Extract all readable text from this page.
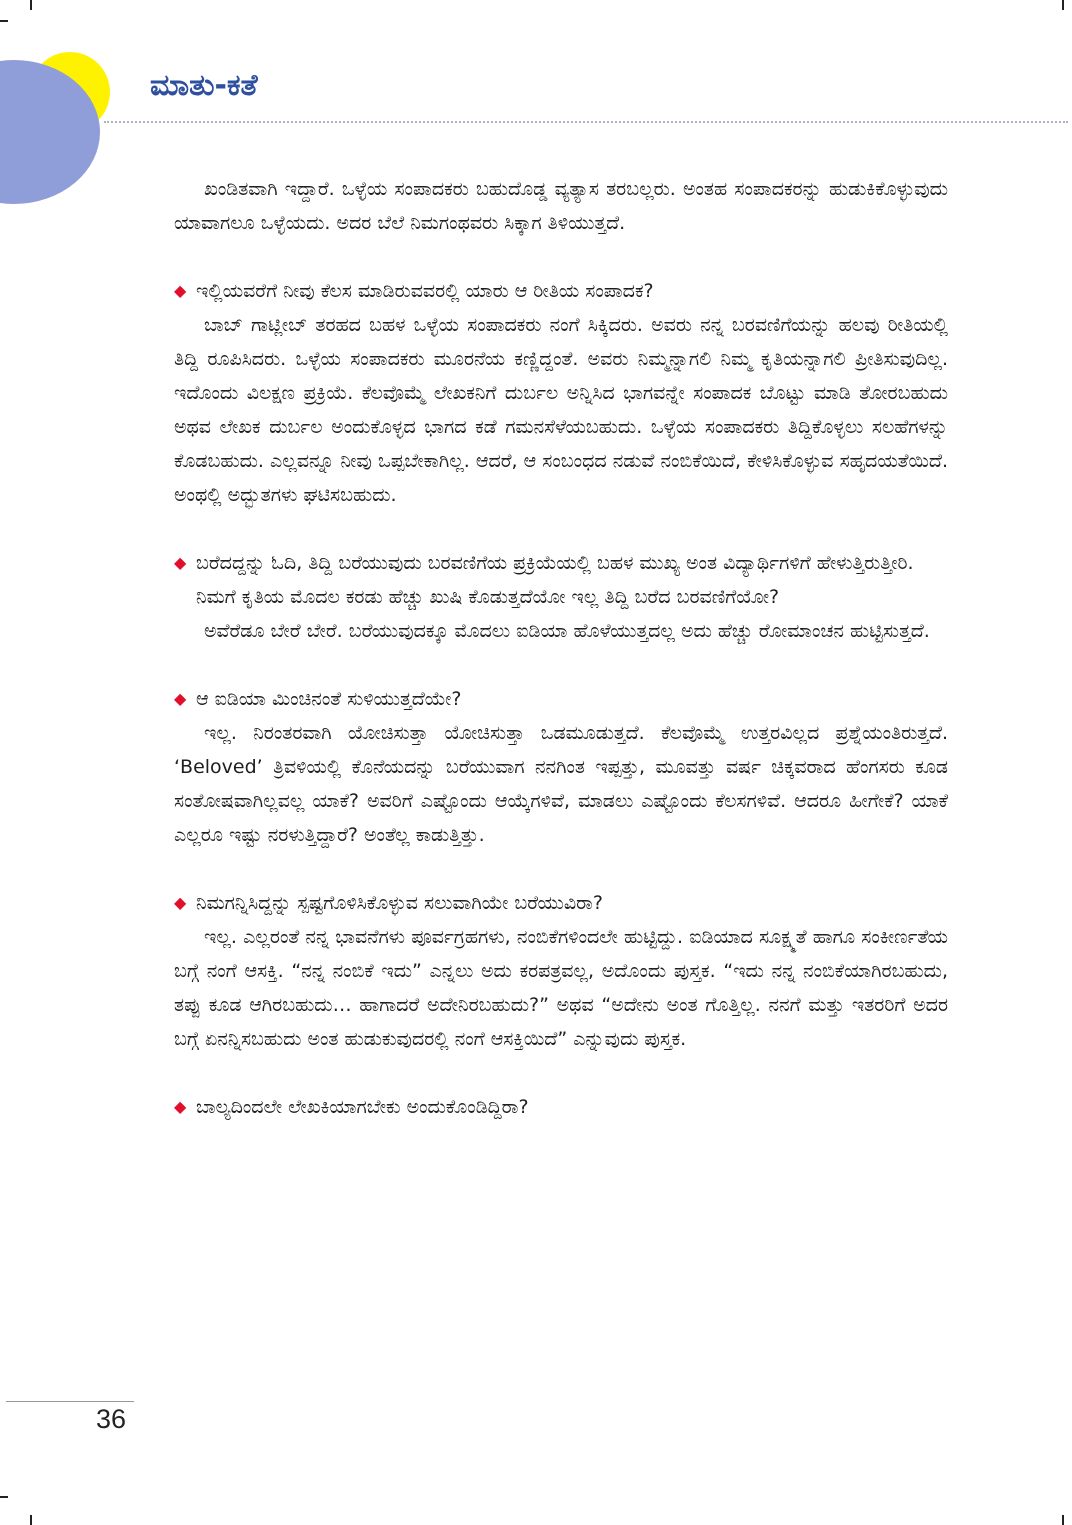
ಮಾತು-ಕತೆ

ಖಂಡಿತವಾಗಿ ಇದ್ದಾರೆ. ಒಳ್ಳೆಯ ಸಂಪಾದಕರು ಬಹುದೊಡ್ಡ ವ್ಯತ್ಯಾಸ ತರಬಲ್ಲರು. ಅಂತಹ ಸಂಪಾದಕರನ್ನು ಹುಡುಕಿಕೊಳ್ಳುವುದು ಯಾವಾಗಲೂ ಒಳ್ಳೆಯದು. ಅದರ ಬೆಲೆ ನಿಮಗಂಥವರು ಸಿಕ್ಕಾಗ ತಿಳಿಯುತ್ತದೆ.

◆ ಇಲ್ಲಿಯವರೆಗೆ ನೀವು ಕೆಲಸ ಮಾಡಿರುವವರಲ್ಲಿ ಯಾರು ಆ ರೀತಿಯ ಸಂಪಾದಕ?

ಬಾಬ್ ಗಾಟ್ಲೀಬ್ ತರಹದ ಬಹಳ ಒಳ್ಳೆಯ ಸಂಪಾದಕರು ನಂಗೆ ಸಿಕ್ಕಿದರು. ಅವರು ನನ್ನ ಬರವಣಿಗೆಯನ್ನು ಹಲವು ರೀತಿಯಲ್ಲಿ ತಿದ್ದಿ ರೂಪಿಸಿದರು. ಒಳ್ಳೆಯ ಸಂಪಾದಕರು ಮೂರನೆಯ ಕಣ್ಣಿದ್ದಂತೆ. ಅವರು ನಿಮ್ಮನ್ನಾಗಲಿ ನಿಮ್ಮ ಕೃತಿಯನ್ನಾಗಲಿ ಪ್ರೀತಿಸುವುದಿಲ್ಲ. ಇದೊಂದು ವಿಲಕ್ಷಣ ಪ್ರಕ್ರಿಯೆ. ಕೆಲವೊಮ್ಮೆ ಲೇಖಕನಿಗೆ ದುರ್ಬಲ ಅನ್ನಿಸಿದ ಭಾಗವನ್ನೇ ಸಂಪಾದಕ ಬೊಟ್ಟು ಮಾಡಿ ತೋರಬಹುದು ಅಥವ ಲೇಖಕ ದುರ್ಬಲ ಅಂದುಕೊಳ್ಳದ ಭಾಗದ ಕಡೆ ಗಮನಸೆಳೆಯಬಹುದು. ಒಳ್ಳೆಯ ಸಂಪಾದಕರು ತಿದ್ದಿಕೊಳ್ಳಲು ಸಲಹೆಗಳನ್ನು ಕೊಡಬಹುದು. ಎಲ್ಲವನ್ನೂ ನೀವು ಒಪ್ಪಬೇಕಾಗಿಲ್ಲ. ಆದರೆ, ಆ ಸಂಬಂಧದ ನಡುವೆ ನಂಬಿಕೆಯಿದೆ, ಕೇಳಿಸಿಕೊಳ್ಳುವ ಸಹೃದಯತೆಯಿದೆ. ಅಂಥಲ್ಲಿ ಅದ್ಭುತಗಳು ಘಟಿಸಬಹುದು.

◆ ಬರೆದದ್ದನ್ನು ಓದಿ, ತಿದ್ದಿ ಬರೆಯುವುದು ಬರವಣಿಗೆಯ ಪ್ರಕ್ರಿಯೆಯಲ್ಲಿ ಬಹಳ ಮುಖ್ಯ ಅಂತ ವಿದ್ಯಾರ್ಥಿಗಳಿಗೆ ಹೇಳುತ್ತಿರುತ್ತೀರಿ. ನಿಮಗೆ ಕೃತಿಯ ಮೊದಲ ಕರಡು ಹೆಚ್ಚು ಖುಷಿ ಕೊಡುತ್ತದೆಯೋ ಇಲ್ಲ ತಿದ್ದಿ ಬರೆದ ಬರವಣಿಗೆಯೋ?

ಅವೆರೆಡೂ ಬೇರೆ ಬೇರೆ. ಬರೆಯುವುದಕ್ಕೂ ಮೊದಲು ಐಡಿಯಾ ಹೊಳೆಯುತ್ತದಲ್ಲ ಅದು ಹೆಚ್ಚು ರೋಮಾಂಚನ ಹುಟ್ಟಿಸುತ್ತದೆ.

◆ ಆ ಐಡಿಯಾ ಮಿಂಚಿನಂತೆ ಸುಳಿಯುತ್ತದೆಯೇ?

ಇಲ್ಲ. ನಿರಂತರವಾಗಿ ಯೋಚಿಸುತ್ತಾ ಯೋಚಿಸುತ್ತಾ ಒಡಮೂಡುತ್ತದೆ. ಕೆಲವೊಮ್ಮೆ ಉತ್ತರವಿಲ್ಲದ ಪ್ರಶ್ನೆಯಂತಿರುತ್ತದೆ. ‘Beloved’ ತ್ರಿವಳಿಯಲ್ಲಿ ಕೊನೆಯದನ್ನು ಬರೆಯುವಾಗ ನನಗಿಂತ ಇಪ್ಪತ್ತು, ಮೂವತ್ತು ವರ್ಷ ಚಿಕ್ಕವರಾದ ಹೆಂಗಸರು ಕೂಡ ಸಂತೋಷವಾಗಿಲ್ಲವಲ್ಲ ಯಾಕೆ? ಅವರಿಗೆ ಎಷ್ಟೊಂದು ಆಯ್ಕೆಗಳಿವೆ, ಮಾಡಲು ಎಷ್ಟೊಂದು ಕೆಲಸಗಳಿವೆ. ಆದರೂ ಹೀಗೇಕೆ? ಯಾಕೆ ಎಲ್ಲರೂ ಇಷ್ಟು ನರಳುತ್ತಿದ್ದಾರೆ? ಅಂತೆಲ್ಲ ಕಾಡುತ್ತಿತ್ತು.

◆ ನಿಮಗನ್ನಿಸಿದ್ದನ್ನು ಸ್ಪಷ್ಟಗೊಳಿಸಿಕೊಳ್ಳುವ ಸಲುವಾಗಿಯೇ ಬರೆಯುವಿರಾ?

ಇಲ್ಲ. ಎಲ್ಲರಂತೆ ನನ್ನ ಭಾವನೆಗಳು ಪೂರ್ವಗ್ರಹಗಳು, ನಂಬಿಕೆಗಳಿಂದಲೇ ಹುಟ್ಟಿದ್ದು. ಐಡಿಯಾದ ಸೂಕ್ಷ್ಮತೆ ಹಾಗೂ ಸಂಕೀರ್ಣತೆಯ ಬಗ್ಗೆ ನಂಗೆ ಆಸಕ್ತಿ. “ನನ್ನ ನಂಬಿಕೆ ಇದು” ಎನ್ನಲು ಅದು ಕರಪತ್ರವಲ್ಲ, ಅದೊಂದು ಪುಸ್ತಕ. “ಇದು ನನ್ನ ನಂಬಿಕೆಯಾಗಿರಬಹುದು, ತಪ್ಪು ಕೂಡ ಆಗಿರಬಹುದು… ಹಾಗಾದರೆ ಅದೇನಿರಬಹುದು?” ಅಥವ “ಅದೇನು ಅಂತ ಗೊತ್ತಿಲ್ಲ. ನನಗೆ ಮತ್ತು ಇತರರಿಗೆ ಅದರ ಬಗ್ಗೆ ಏನನ್ನಿಸಬಹುದು ಅಂತ ಹುಡುಕುವುದರಲ್ಲಿ ನಂಗೆ ಆಸಕ್ತಿಯಿದೆ” ಎನ್ನುವುದು ಪುಸ್ತಕ.

◆ ಬಾಲ್ಯದಿಂದಲೇ ಲೇಖಕಿಯಾಗಬೇಕು ಅಂದುಕೊಂಡಿದ್ದಿರಾ?
36
